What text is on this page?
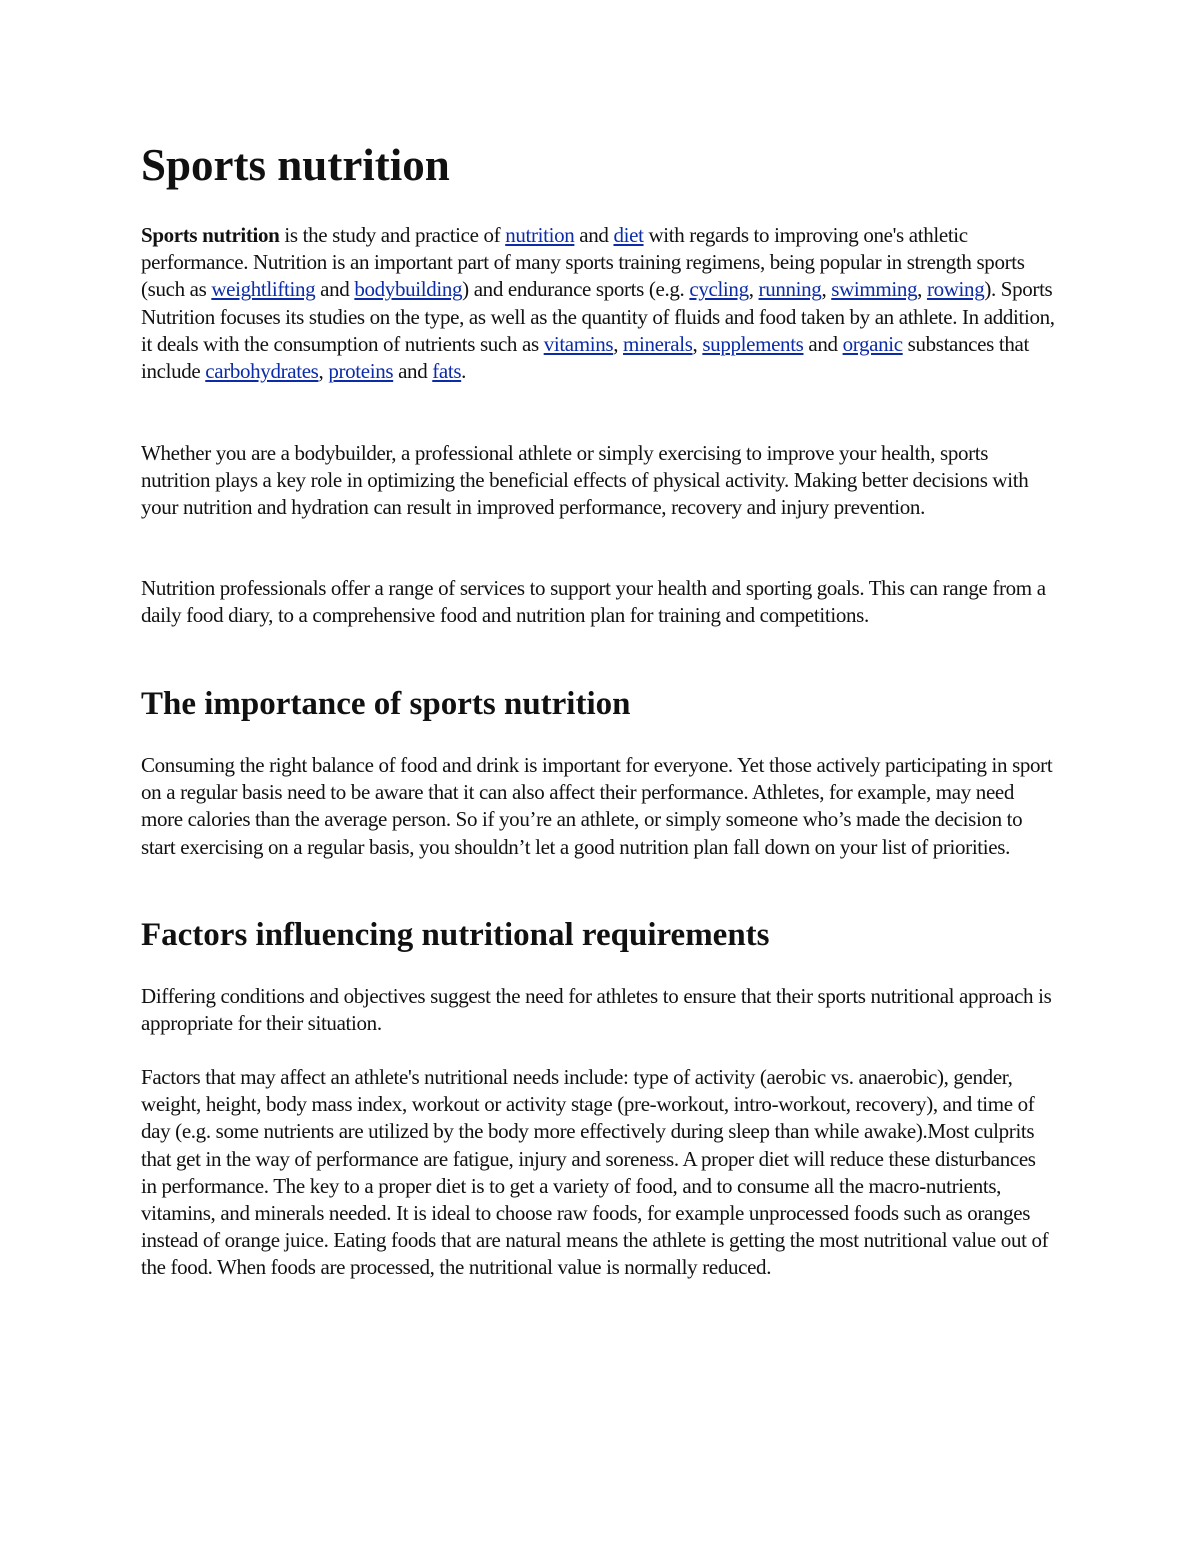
Sports nutrition

Sports nutrition is the study and practice of nutrition and diet with regards to improving one's athletic performance. Nutrition is an important part of many sports training regimens, being popular in strength sports (such as weightlifting and bodybuilding) and endurance sports (e.g. cycling, running, swimming, rowing). Sports Nutrition focuses its studies on the type, as well as the quantity of fluids and food taken by an athlete. In addition, it deals with the consumption of nutrients such as vitamins, minerals, supplements and organic substances that include carbohydrates, proteins and fats.

Whether you are a bodybuilder, a professional athlete or simply exercising to improve your health, sports nutrition plays a key role in optimizing the beneficial effects of physical activity. Making better decisions with your nutrition and hydration can result in improved performance, recovery and injury prevention.

Nutrition professionals offer a range of services to support your health and sporting goals. This can range from a daily food diary, to a comprehensive food and nutrition plan for training and competitions.

The importance of sports nutrition

Consuming the right balance of food and drink is important for everyone. Yet those actively participating in sport on a regular basis need to be aware that it can also affect their performance. Athletes, for example, may need more calories than the average person. So if you’re an athlete, or simply someone who’s made the decision to start exercising on a regular basis, you shouldn’t let a good nutrition plan fall down on your list of priorities.

Factors influencing nutritional requirements

Differing conditions and objectives suggest the need for athletes to ensure that their sports nutritional approach is appropriate for their situation.

Factors that may affect an athlete's nutritional needs include: type of activity (aerobic vs. anaerobic), gender, weight, height, body mass index, workout or activity stage (pre-workout, intro-workout, recovery), and time of day (e.g. some nutrients are utilized by the body more effectively during sleep than while awake).Most culprits that get in the way of performance are fatigue, injury and soreness. A proper diet will reduce these disturbances in performance. The key to a proper diet is to get a variety of food, and to consume all the macro-nutrients, vitamins, and minerals needed. It is ideal to choose raw foods, for example unprocessed foods such as oranges instead of orange juice. Eating foods that are natural means the athlete is getting the most nutritional value out of the food. When foods are processed, the nutritional value is normally reduced.
